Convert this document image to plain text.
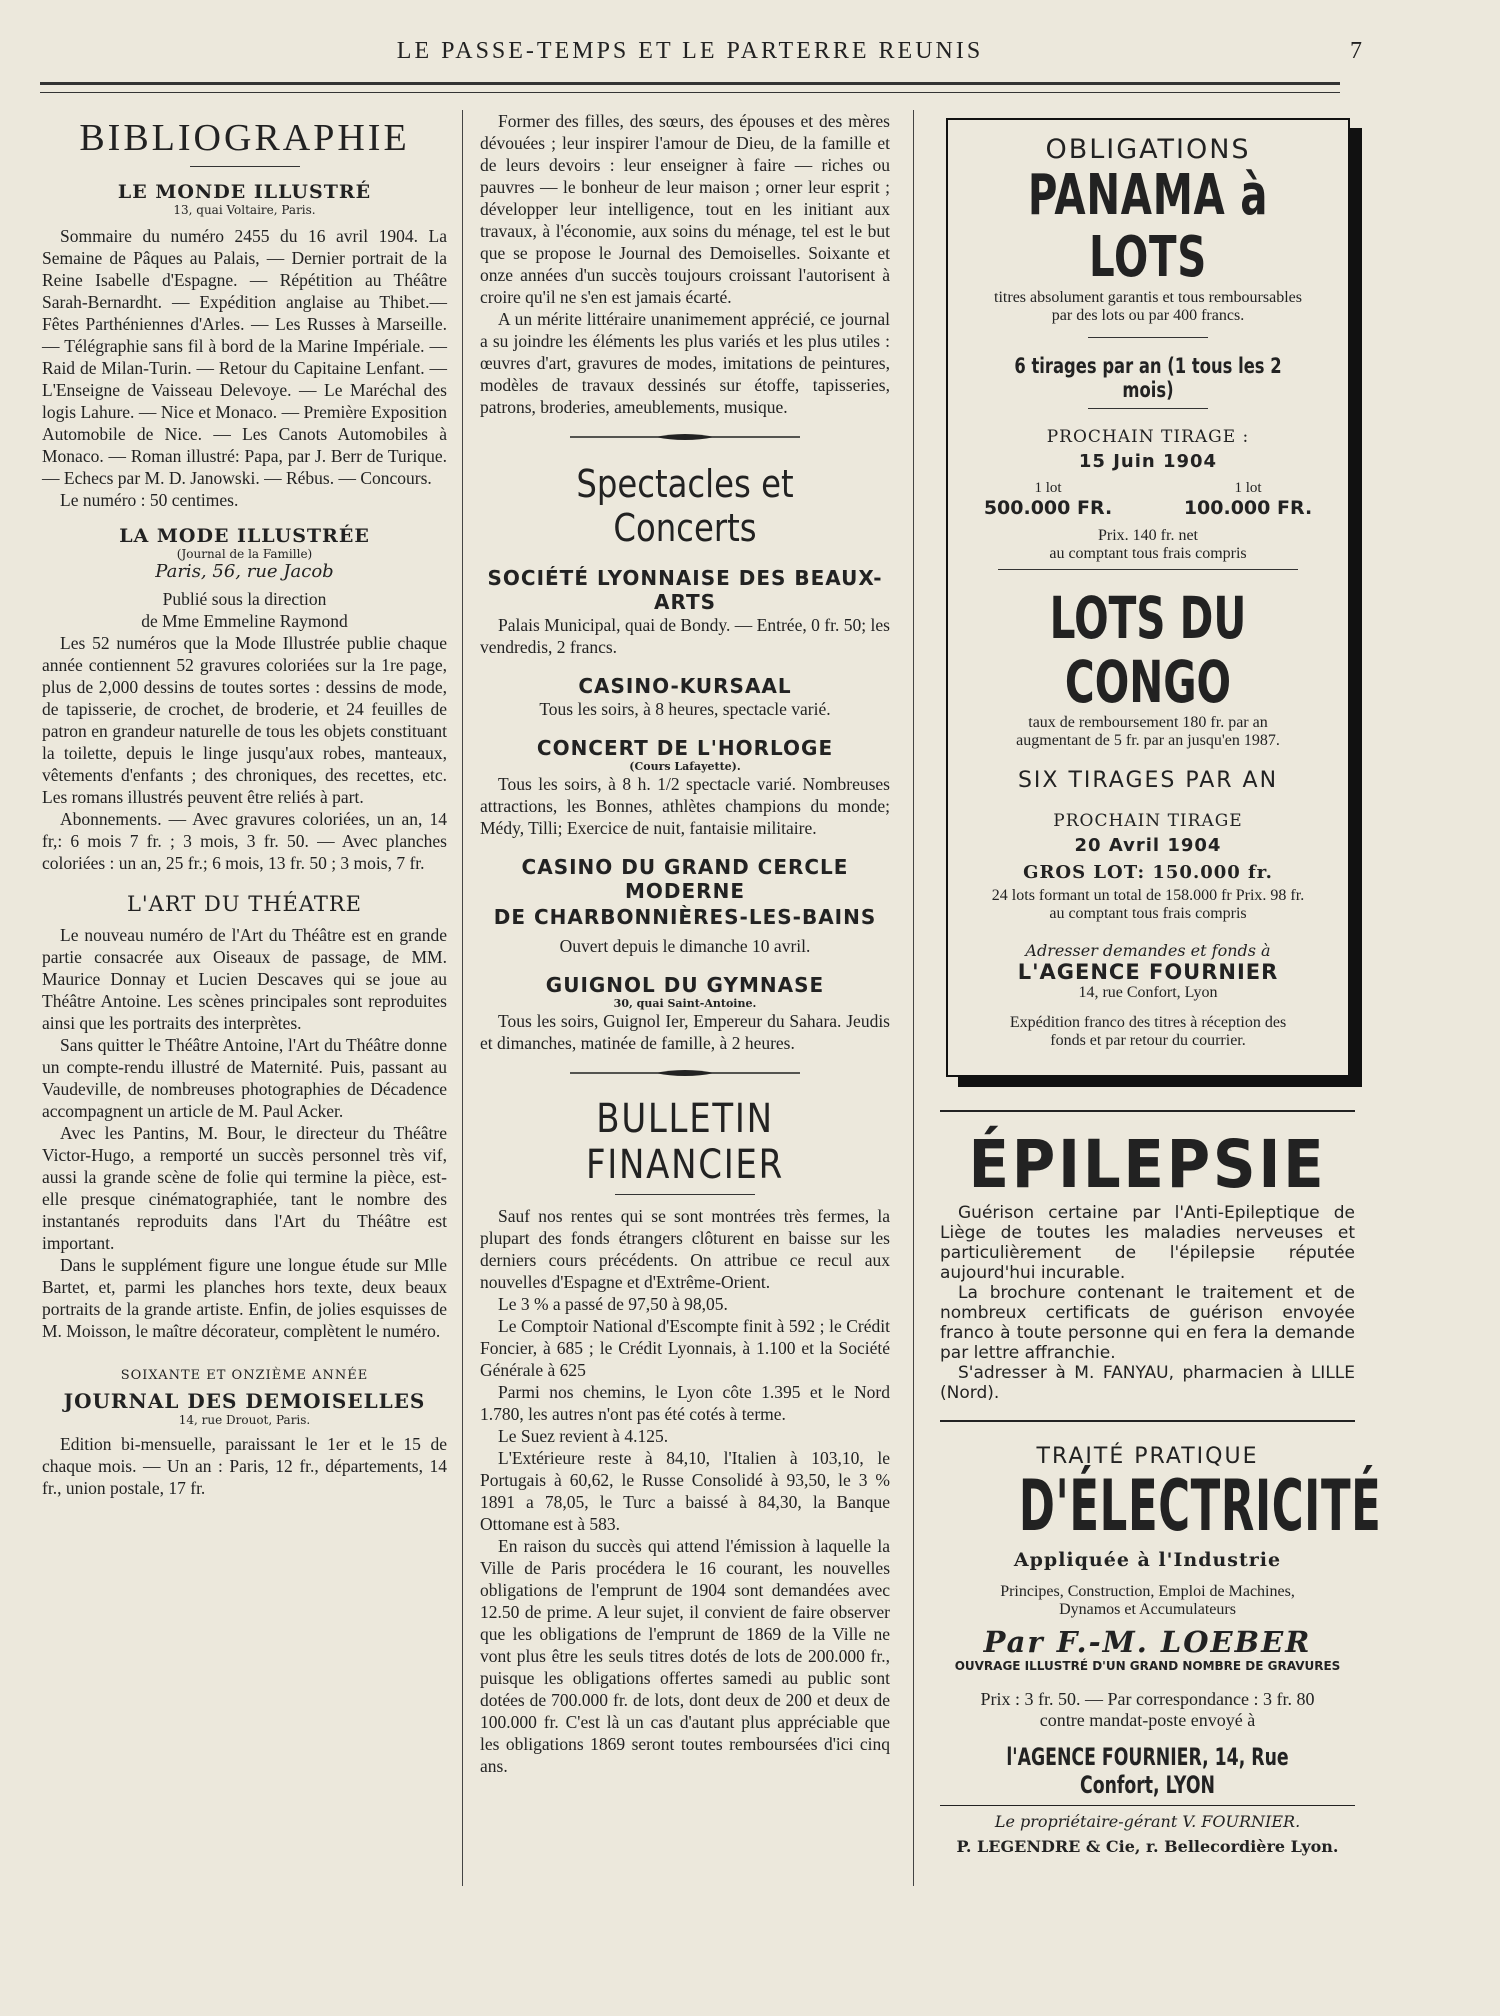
LE PASSE-TEMPS ET LE PARTERRE REUNIS	7
BIBLIOGRAPHIE
LE MONDE ILLUSTRÉ
13, quai Voltaire, Paris.

Sommaire du numéro 2455 du 16 avril 1904. La Semaine de Pâques au Palais, — Dernier portrait de la Reine Isabelle d'Espagne. — Répétition au Théâtre Sarah-Bernardht. — Expédition anglaise au Thibet.— Fêtes Parthéniennes d'Arles. — Les Russes à Marseille. — Télégraphie sans fil à bord de la Marine Impériale. — Raid de Milan-Turin. — Retour du Capitaine Lenfant. — L'Enseigne de Vaisseau Delevoye. — Le Maréchal des logis Lahure. — Nice et Monaco. — Première Exposition Automobile de Nice. — Les Canots Automobiles à Monaco. — Roman illustré: Papa, par J. Berr de Turique. — Echecs par M. D. Janowski. — Rébus. — Concours.

Le numéro : 50 centimes.

LA MODE ILLUSTRÉE
(Journal de la Famille)
Paris, 56, rue Jacob
Publié sous la direction
de Mme Emmeline Raymond

Les 52 numéros que la Mode Illustrée publie chaque année contiennent 52 gravures coloriées sur la 1re page, plus de 2,000 dessins de toutes sortes : dessins de mode, de tapisserie, de crochet, de broderie, et 24 feuilles de patron en grandeur naturelle de tous les objets constituant la toilette, depuis le linge jusqu'aux robes, manteaux, vêtements d'enfants ; des chroniques, des recettes, etc. Les romans illustrés peuvent être reliés à part.

Abonnements. — Avec gravures coloriées, un an, 14 fr,: 6 mois 7 fr. ; 3 mois, 3 fr. 50. — Avec planches coloriées : un an, 25 fr.; 6 mois, 13 fr. 50 ; 3 mois, 7 fr.

L'ART DU THÉATRE

Le nouveau numéro de l'Art du Théâtre est en grande partie consacrée aux Oiseaux de passage, de MM. Maurice Donnay et Lucien Descaves qui se joue au Théâtre Antoine. Les scènes principales sont reproduites ainsi que les portraits des interprètes.

Sans quitter le Théâtre Antoine, l'Art du Théâtre donne un compte-rendu illustré de Maternité. Puis, passant au Vaudeville, de nombreuses photographies de Décadence accompagnent un article de M. Paul Acker.

Avec les Pantins, M. Bour, le directeur du Théâtre Victor-Hugo, a remporté un succès personnel très vif, aussi la grande scène de folie qui termine la pièce, est-elle presque cinématographiée, tant le nombre des instantanés reproduits dans l'Art du Théâtre est important.

Dans le supplément figure une longue étude sur Mlle Bartet, et, parmi les planches hors texte, deux beaux portraits de la grande artiste. Enfin, de jolies esquisses de M. Moisson, le maître décorateur, complètent le numéro.

SOIXANTE ET ONZIÈME ANNÉE
JOURNAL DES DEMOISELLES
14, rue Drouot, Paris.

Edition bi-mensuelle, paraissant le 1er et le 15 de chaque mois. — Un an : Paris, 12 fr., départements, 14 fr., union postale, 17 fr.

Former des filles, des sœurs, des épouses et des mères dévouées ; leur inspirer l'amour de Dieu, de la famille et de leurs devoirs : leur enseigner à faire — riches ou pauvres — le bonheur de leur maison ; orner leur esprit ; développer leur intelligence, tout en les initiant aux travaux, à l'économie, aux soins du ménage, tel est le but que se propose le Journal des Demoiselles. Soixante et onze années d'un succès toujours croissant l'autorisent à croire qu'il ne s'en est jamais écarté.

A un mérite littéraire unanimement apprécié, ce journal a su joindre les éléments les plus variés et les plus utiles : œuvres d'art, gravures de modes, imitations de peintures, modèles de travaux dessinés sur étoffe, tapisseries, patrons, broderies, ameublements, musique.

Spectacles et Concerts
SOCIÉTÉ LYONNAISE DES BEAUX-ARTS

Palais Municipal, quai de Bondy. — Entrée, 0 fr. 50; les vendredis, 2 francs.

CASINO-KURSAAL

Tous les soirs, à 8 heures, spectacle varié.

CONCERT DE L'HORLOGE
(Cours Lafayette).

Tous les soirs, à 8 h. 1/2 spectacle varié. Nombreuses attractions, les Bonnes, athlètes champions du monde; Médy, Tilli; Exercice de nuit, fantaisie militaire.

CASINO DU GRAND CERCLE MODERNE
DE CHARBONNIÈRES-LES-BAINS

Ouvert depuis le dimanche 10 avril.

GUIGNOL DU GYMNASE
30, quai Saint-Antoine.

Tous les soirs, Guignol Ier, Empereur du Sahara. Jeudis et dimanches, matinée de famille, à 2 heures.

BULLETIN FINANCIER

Sauf nos rentes qui se sont montrées très fermes, la plupart des fonds étrangers clôturent en baisse sur les derniers cours précédents. On attribue ce recul aux nouvelles d'Espagne et d'Extrême-Orient.

Le 3 % a passé de 97,50 à 98,05.

Le Comptoir National d'Escompte finit à 592 ; le Crédit Foncier, à 685 ; le Crédit Lyonnais, à 1.100 et la Société Générale à 625

Parmi nos chemins, le Lyon côte 1.395 et le Nord 1.780, les autres n'ont pas été cotés à terme.

Le Suez revient à 4.125.

L'Extérieure reste à 84,10, l'Italien à 103,10, le Portugais à 60,62, le Russe Consolidé à 93,50, le 3 % 1891 a 78,05, le Turc a baissé à 84,30, la Banque Ottomane est à 583.

En raison du succès qui attend l'émission à laquelle la Ville de Paris procédera le 16 courant, les nouvelles obligations de l'emprunt de 1904 sont demandées avec 12.50 de prime. A leur sujet, il convient de faire observer que les obligations de l'emprunt de 1869 de la Ville ne vont plus être les seuls titres dotés de lots de 200.000 fr., puisque les obligations offertes samedi au public sont dotées de 700.000 fr. de lots, dont deux de 200 et deux de 100.000 fr. C'est là un cas d'autant plus appréciable que les obligations 1869 seront toutes remboursées d'ici cinq ans.

OBLIGATIONS
PANAMA à LOTS
titres absolument garantis et tous remboursables par des lots ou par 400 francs.
6 tirages par an (1 tous les 2 mois)
PROCHAIN TIRAGE :
15 Juin 1904
1 lot	1 lot
500.000 FR.	100.000 FR.
Prix. 140 fr. net
au comptant tous frais compris
LOTS DU CONGO
taux de remboursement 180 fr. par an augmentant de 5 fr. par an jusqu'en 1987.
SIX TIRAGES PAR AN
PROCHAIN TIRAGE
20 Avril 1904
GROS LOT: 150.000 fr.
24 lots formant un total de 158.000 fr Prix. 98 fr. au comptant tous frais compris
Adresser demandes et fonds à
L'AGENCE FOURNIER
14, rue Confort, Lyon
Expédition franco des titres à réception des fonds et par retour du courrier.
ÉPILEPSIE

Guérison certaine par l'Anti-Epileptique de Liège de toutes les maladies nerveuses et particulièrement de l'épilepsie réputée aujourd'hui incurable.

La brochure contenant le traitement et de nombreux certificats de guérison envoyée franco à toute personne qui en fera la demande par lettre affranchie.

S'adresser à M. FANYAU, pharmacien à LILLE (Nord).

TRAITÉ PRATIQUE
D'ÉLECTRICITÉ
Appliquée à l'Industrie
Principes, Construction, Emploi de Machines, Dynamos et Accumulateurs
Par F.-M. LOEBER
OUVRAGE ILLUSTRÉ D'UN GRAND NOMBRE DE GRAVURES
Prix : 3 fr. 50. — Par correspondance : 3 fr. 80 contre mandat-poste envoyé à
l'AGENCE FOURNIER, 14, Rue Confort, LYON
Le propriétaire-gérant V. FOURNIER.
P. LEGENDRE & Cie, r. Bellecordière Lyon.
